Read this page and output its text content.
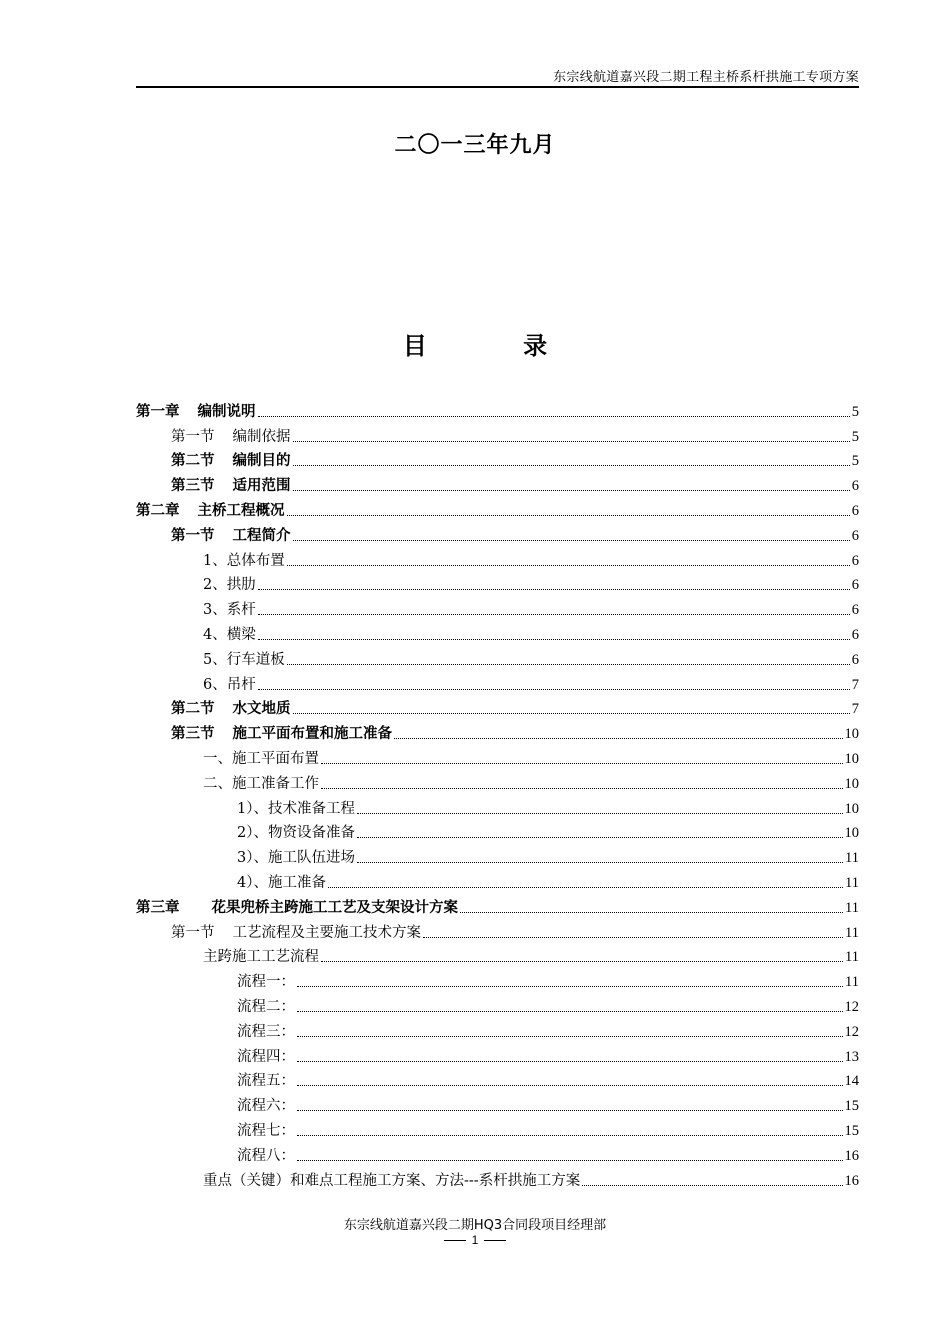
东宗线航道嘉兴段二期工程主桥系杆拱施工专项方案
二〇一三年九月
目 录
第一章 编制说明	5
第一节 编制依据	5
第二节 编制目的	5
第三节 适用范围	6
第二章 主桥工程概况	6
第一节 工程简介	6
1、总体布置	6
2、拱肋	6
3、系杆	6
4、横梁	6
5、行车道板	6
6、吊杆	7
第二节 水文地质	7
第三节 施工平面布置和施工准备	10
一、施工平面布置	10
二、施工准备工作	10
1）、技术准备工程	10
2）、物资设备准备	10
3）、施工队伍进场	11
4）、施工准备	11
第三章 花果兜桥主跨施工工艺及支架设计方案	11
第一节 工艺流程及主要施工技术方案	11
主跨施工工艺流程	11
流程一：	11
流程二：	12
流程三：	12
流程四：	13
流程五：	14
流程六：	15
流程七：	15
流程八：	16
重点（关键）和难点工程施工方案、方法---系杆拱施工方案	16
东宗线航道嘉兴段二期HQ3合同段项目经理部
1
